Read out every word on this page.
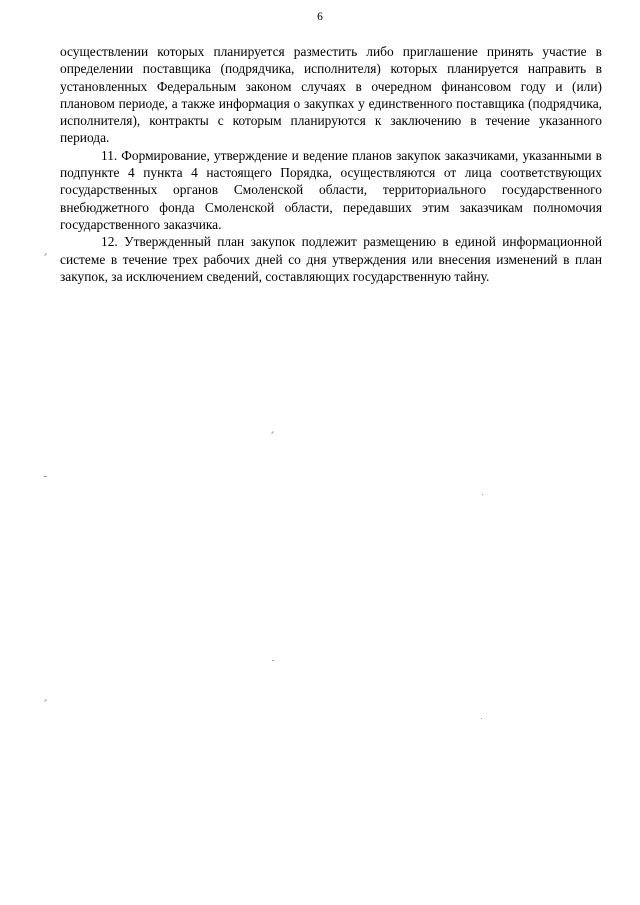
6

осуществлении которых планируется разместить либо приглашение принять участие в определении поставщика (подрядчика, исполнителя) которых планируется направить в установленных Федеральным законом случаях в очередном финансовом году и (или) плановом периоде, а также информация о закупках у единственного поставщика (подрядчика, исполнителя), контракты с которым планируются к заключению в течение указанного периода.

11. Формирование, утверждение и ведение планов закупок заказчиками, указанными в подпункте 4 пункта 4 настоящего Порядка, осуществляются от лица соответствующих государственных органов Смоленской области, территориального государственного внебюджетного фонда Смоленской области, передавших этим заказчикам полномочия государственного заказчика.

12. Утвержденный план закупок подлежит размещению в единой информационной системе в течение трех рабочих дней со дня утверждения или внесения изменений в план закупок, за исключением сведений, составляющих государственную тайну.
